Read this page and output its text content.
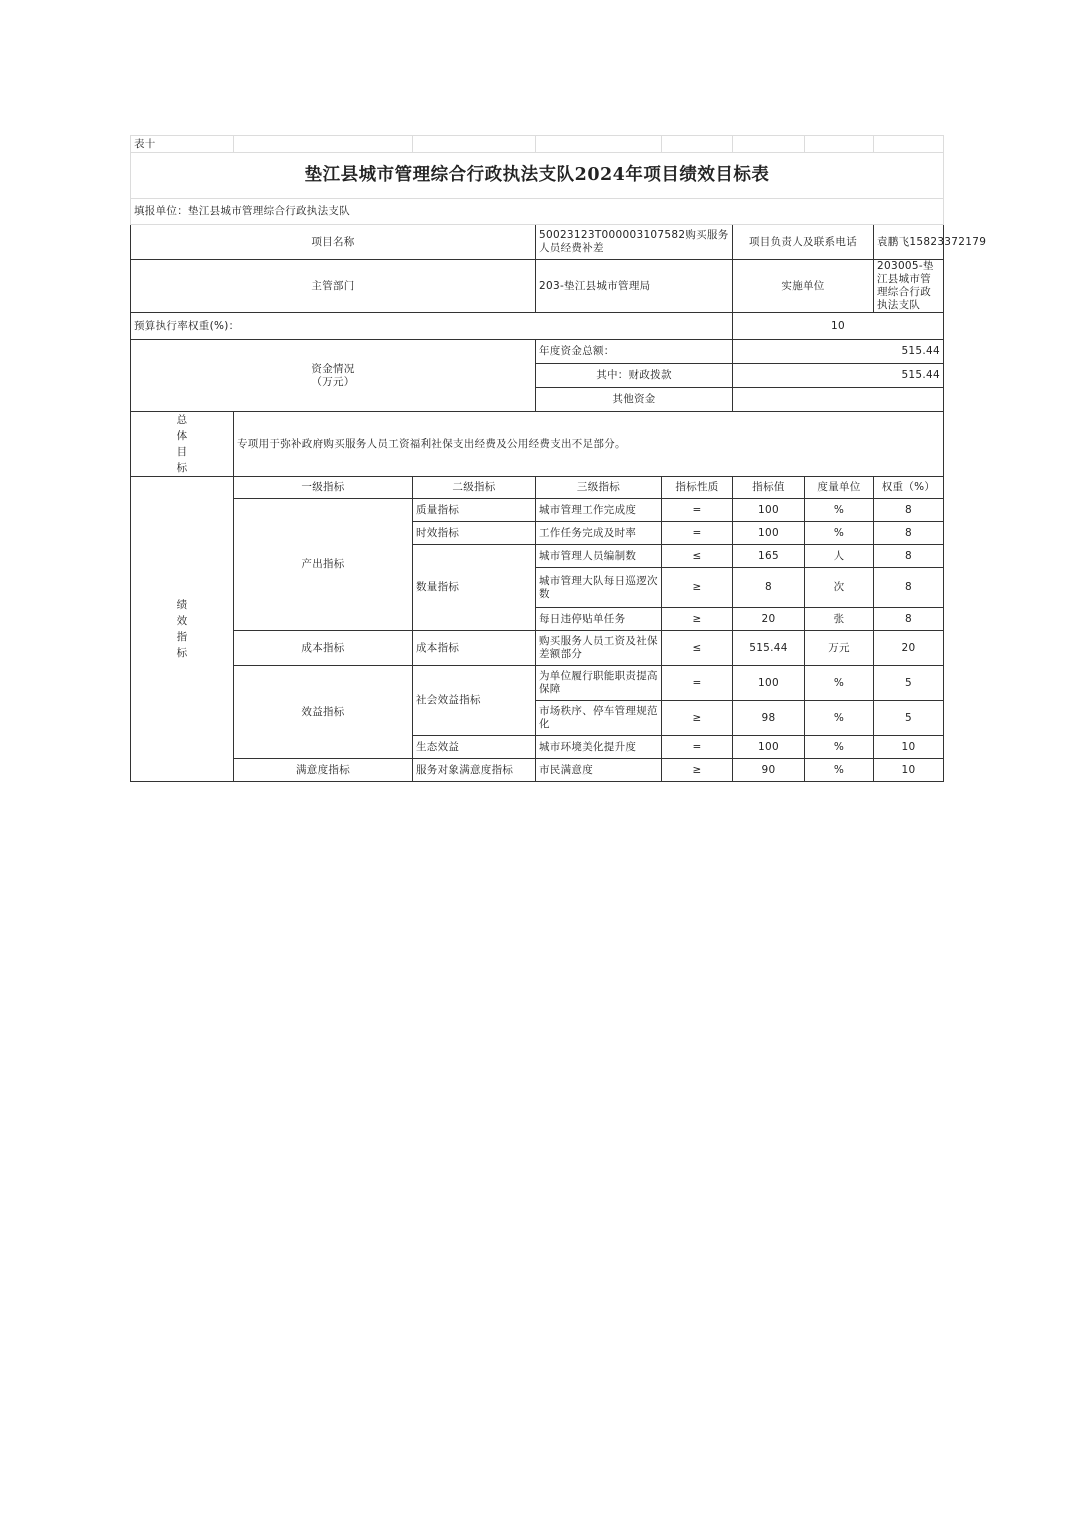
表十							
垫江县城市管理综合行政执法支队2024年项目绩效目标表							
填报单位：垫江县城市管理综合行政执法支队							
项目名称			50023123T000003107582购买服务人员经费补差		项目负责人及联系电话		袁鹏飞15823372179
主管部门			203-垫江县城市管理局		实施单位		203005-垫江县城市管理综合行政执法支队
预算执行率权重(%)：					10		

资金情况
（万元）			年度资金总额：		515.44		
			其中：财政拨款		515.44		
			其他资金				

总
体
目
标	专项用于弥补政府购买服务人员工资福利社保支出经费及公用经费支出不足部分。						

绩
效
指
标	一级指标	二级指标	三级指标	指标性质	指标值	度量单位	权重（%）
	产出指标	质量指标	城市管理工作完成度	=	100	%	8
		时效指标	工作任务完成及时率	=	100	%	8
		数量指标	城市管理人员编制数	≤	165	人	8
			城市管理大队每日巡逻次数	≥	8	次	8
			每日违停贴单任务	≥	20	张	8
	成本指标	成本指标	购买服务人员工资及社保差额部分	≤	515.44	万元	20
	效益指标	社会效益指标	为单位履行职能职责提高保障	=	100	%	5
			市场秩序、停车管理规范化	≥	98	%	5
		生态效益	城市环境美化提升度	=	100	%	10
	满意度指标	服务对象满意度指标	市民满意度	≥	90	%	10
